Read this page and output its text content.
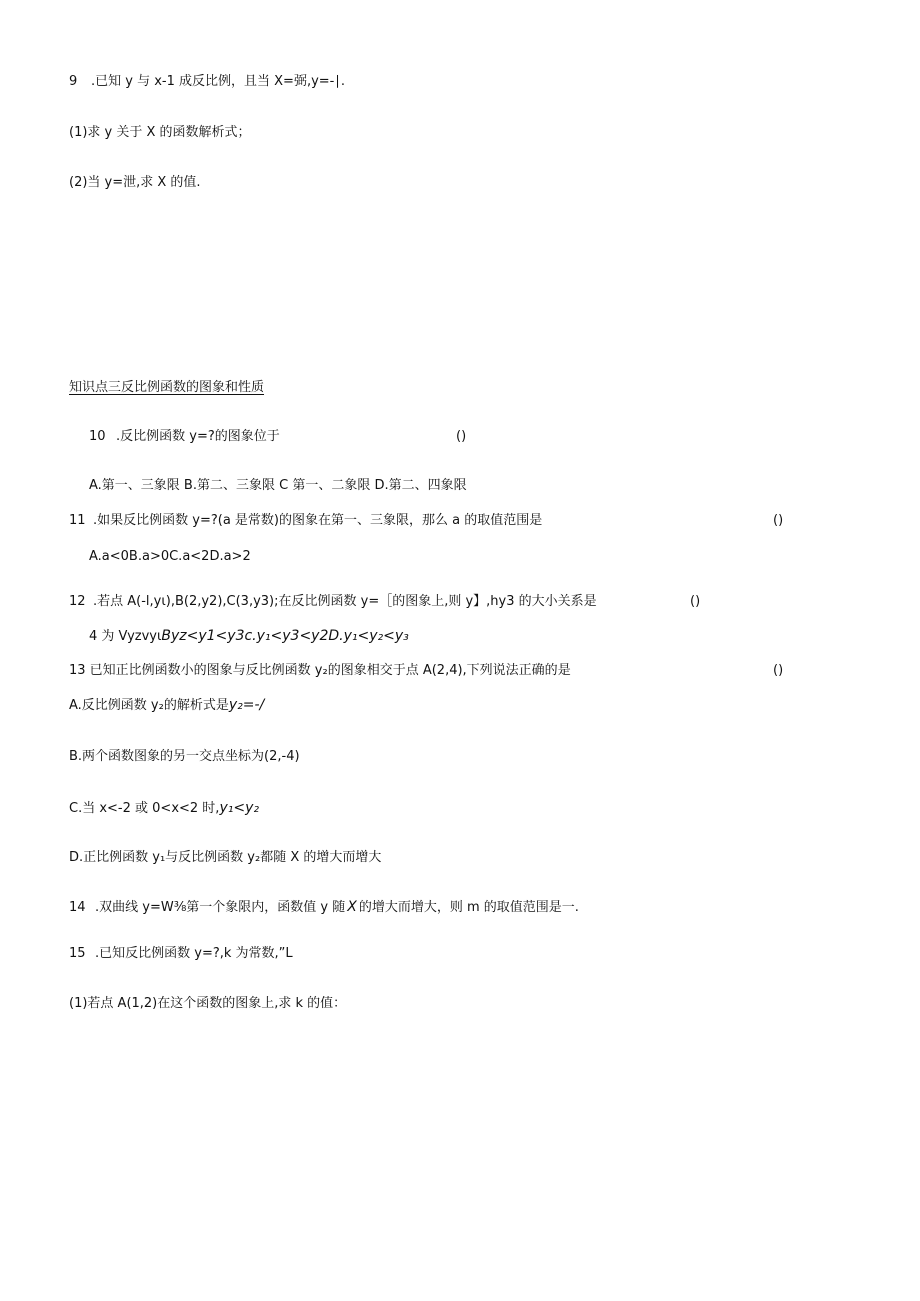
9 .已知 y 与 x-1 成反比例，且当 X=弼,y=-∣.
(1)求 y 关于 X 的函数解析式；
(2)当 y=泄,求 X 的值.
知识点三反比例函数的图象和性质
10 .反比例函数 y=?的图象位于	()
A.第一、三象限 B.第二、三象限 C 第一、二象限 D.第二、四象限
11 .如果反比例函数 y=?(a 是常数)的图象在第一、三象限，那么 a 的取值范围是	()
A.a<0B.a>0C.a<2D.a>2
12 .若点 A(-l,yι),B(2,y2),C(3,y3);在反比例函数 y=［的图象上,则 y】,hy3 的大小关系是	()
4 为 VyzvyιByz<y1<y3c.y₁<y3<y2D.y₁<y₂<y₃
13 已知正比例函数小的图象与反比例函数 y₂的图象相交于点 A(2,4),下列说法正确的是	()
A.反比例函数 y₂的解析式是y₂=-/
B.两个函数图象的另一交点坐标为(2,-4)
C.当 x<-2 或 0<x<2 时,y₁<y₂
D.正比例函数 y₁与反比例函数 y₂都随 X 的增大而增大
14 .双曲线 y=W⅜第一个象限内，函数值 y 随 X 的增大而增大，则 m 的取值范围是一.
15 .已知反比例函数 y=?,k 为常数,”L
(1)若点 A(1,2)在这个函数的图象上,求 k 的值：
